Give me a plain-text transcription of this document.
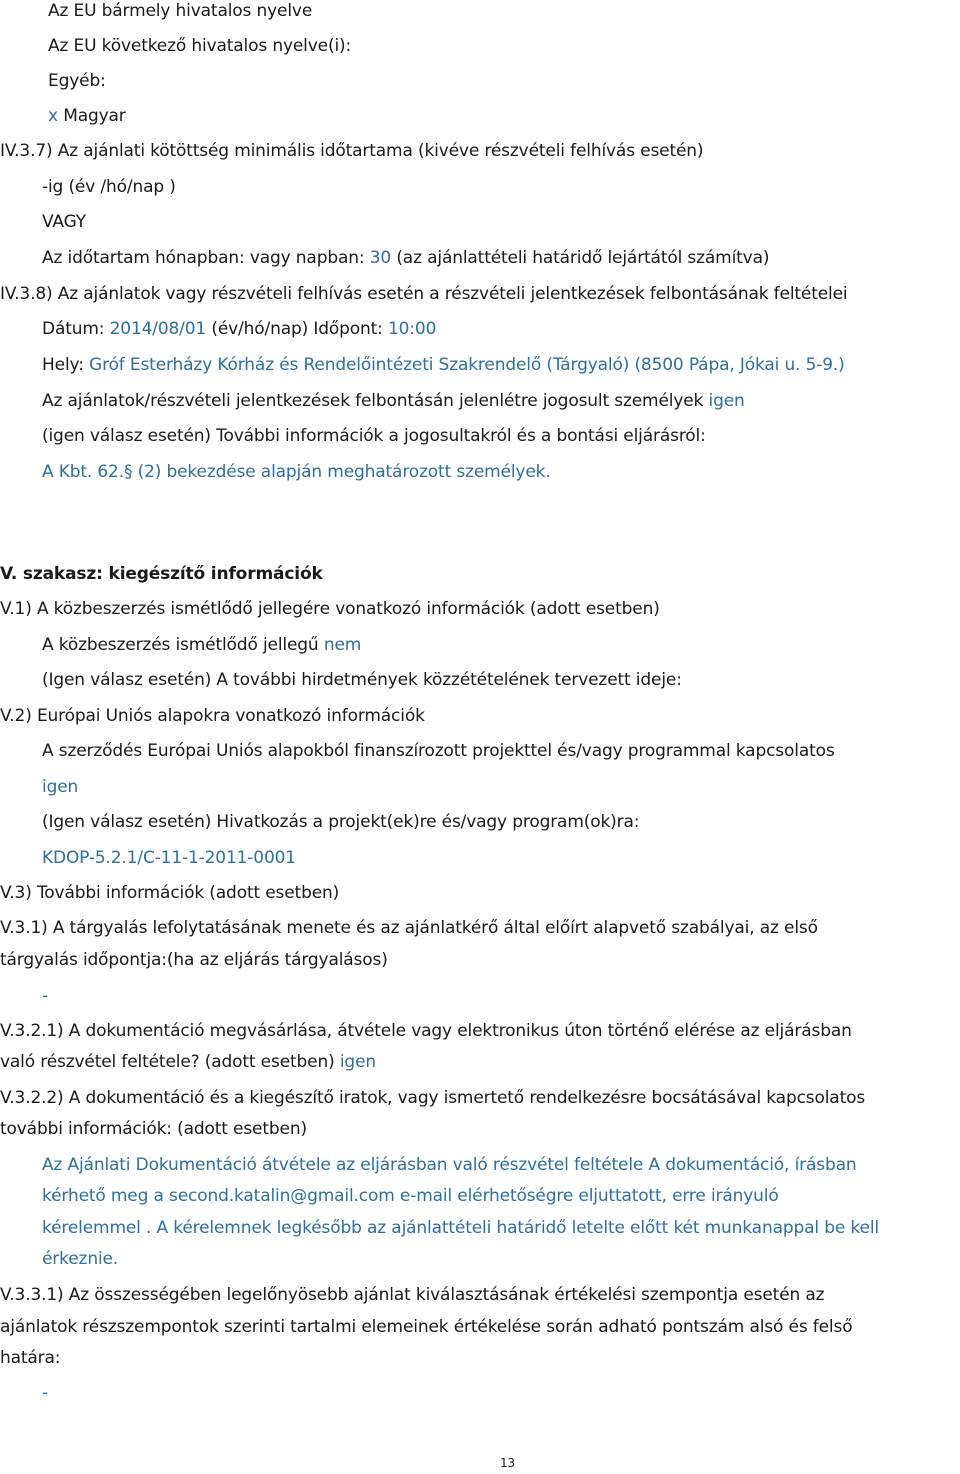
Az EU bármely hivatalos nyelve
Az EU következő hivatalos nyelve(i):
Egyéb:
x Magyar
IV.3.7) Az ajánlati kötöttség minimális időtartama (kivéve részvételi felhívás esetén)
-ig (év /hó/nap )
VAGY
Az időtartam hónapban: vagy napban: 30 (az ajánlattételi határidő lejártától számítva)
IV.3.8) Az ajánlatok vagy részvételi felhívás esetén a részvételi jelentkezések felbontásának feltételei
Dátum: 2014/08/01 (év/hó/nap) Időpont: 10:00
Hely: Gróf Esterházy Kórház és Rendelőintézeti Szakrendelő (Tárgyaló) (8500 Pápa, Jókai u. 5-9.)
Az ajánlatok/részvételi jelentkezések felbontásán jelenlétre jogosult személyek igen
(igen válasz esetén) További információk a jogosultakról és a bontási eljárásról:
A Kbt. 62.§ (2) bekezdése alapján meghatározott személyek.
V. szakasz: kiegészítő információk
V.1) A közbeszerzés ismétlődő jellegére vonatkozó információk (adott esetben)
A közbeszerzés ismétlődő jellegű nem
(Igen válasz esetén) A további hirdetmények közzétételének tervezett ideje:
V.2) Európai Uniós alapokra vonatkozó információk
A szerződés Európai Uniós alapokból finanszírozott projekttel és/vagy programmal kapcsolatos
igen
(Igen válasz esetén) Hivatkozás a projekt(ek)re és/vagy program(ok)ra:
KDOP-5.2.1/C-11-1-2011-0001
V.3) További információk (adott esetben)
V.3.1) A tárgyalás lefolytatásának menete és az ajánlatkérő által előírt alapvető szabályai, az első
tárgyalás időpontja:(ha az eljárás tárgyalásos)
-
V.3.2.1) A dokumentáció megvásárlása, átvétele vagy elektronikus úton történő elérése az eljárásban
való részvétel feltétele? (adott esetben) igen
V.3.2.2) A dokumentáció és a kiegészítő iratok, vagy ismertető rendelkezésre bocsátásával kapcsolatos
további információk: (adott esetben)
Az Ajánlati Dokumentáció átvétele az eljárásban való részvétel feltétele A dokumentáció, írásban
kérhető meg a second.katalin@gmail.com e-mail elérhetőségre eljuttatott, erre irányuló
kérelemmel . A kérelemnek legkésőbb az ajánlattételi határidő letelte előtt két munkanappal be kell
érkeznie.
V.3.3.1) Az összességében legelőnyösebb ajánlat kiválasztásának értékelési szempontja esetén az
ajánlatok részszempontok szerinti tartalmi elemeinek értékelése során adható pontszám alsó és felső
határa:
-
13
